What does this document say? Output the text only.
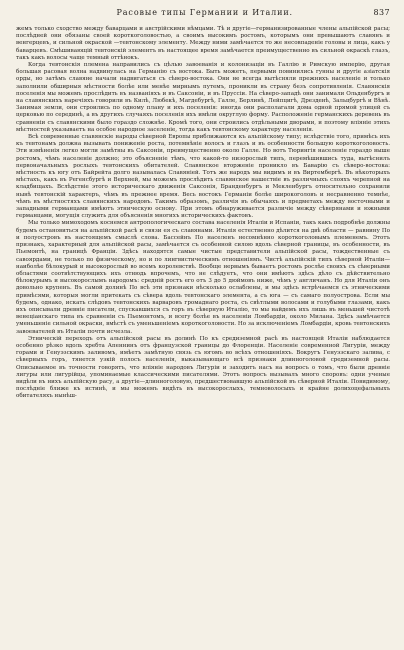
Расовые типы Германии и Италии.	837

жемъ только сходство между баварцами и австрійскими нѣмцами. Тѣ и другіе—германизированные члены альпійской расы; послѣдней они обязаны своей короткоголовостью, а своимъ высокимъ ростомъ, которымъ они превышаютъ славянъ и венгерцевъ, и сильной окраской —тевтонскому элементу. Между ними замѣчается то же несовпаденіе головы и лица, какъ у баварцевъ. Смѣшивающій тевтонскій элементъ въ настоящее время замѣчается преимущественно въ сильной окраскѣ глазъ, такъ какъ волосы чаще темный оттѣнокъ.

Когда тевтонскія племена направились съ цѣлью завоеванія и колонизаціи въ Галлію и Римскую имперію, другая большая расовая волна надвинулась на Германію съ востока. Быть можетъ, первыми повинились гунны и другіе азіатскія орды, но затѣмъ славяне начали надвигаться съ сѣверо-востока. Они не всегда вытѣсняли прежнихъ населеніе и только заполнили обширныя мѣстности болѣе или менѣе мирнымъ путемъ, проникли въ страну безъ сопротивленія. Славянскія поселенія мы можемъ прослѣдить въ названіяхъ и въ Саксоніи, и въ Пруссіи. На сѣверо-западѣ они занимали Ольденбургъ и на славянскихъ наречіяхъ говорили въ Килѣ, Любекѣ, Магдебургѣ, Галле, Берлинѣ, Лейпцигѣ, Дрезденѣ, Зальцбургѣ и Вѣнѣ. Занимая земли, они строились по одному плану и ихъ поселенія: иногда они располагали дома одной прямой улицей съ церковью по серединѣ, а въ другихъ случаяхъ поселенія ихъ имѣли округлую форму. Расположеніе германскихъ деревень въ сравненіи съ славянскими было гораздо сложнѣе. Кромѣ того, они строились отдѣльными дворами, и поэтому вліяніе этихъ мѣстностей указываетъ на особое народное заселеніе, тогда какъ тевтонскому характеру населенія.

Всѣ современные славянскіе народы сѣверной Европы приближаются къ альпійскому типу; вслѣдствіе того, примѣсь ихъ къ тевтонамъ должна вызывать пониженіе роста, потемнѣніе волосъ и глазъ и въ особенности большую короткоголовость. Эти измѣненія легко могли замѣтны въ Саксоніи, преимущественно около Галле. Но вотъ Тюрингія населеніе гораздо выше ростомъ, чѣмъ населеніе должно; это объясненіе тѣмъ, что какой-то низорослый типъ, перемѣшившись туда, вытѣснилъ первоначальныхъ рослыхъ тевтонскихъ обитателей. Славянское вторженіе проникло въ Баварію съ сѣверо-востока: мѣстность къ югу отъ Байрейта долго называлась Славяніей. Тотъ же народъ мы видимъ и въ Виртембергѣ. Въ нѣкоторыхъ мѣстахъ, какъ въ Регенсбургѣ и Верхней, мы можемъ прослѣдить славянское нашествіе въ различныхъ слояхъ черепной на кладбищахъ. Вслѣдствіе этого историческаго движенія Саксонія, Бранденбургъ и Мекленбургъ относительно сохранили нынѣ тевтонскій характеръ, чѣмъ въ прежнее время. Весь востокъ Германіи болѣе широкоголовъ и несравненно темнѣе, чѣмъ въ мѣстностяхъ славянскихъ народовъ. Такимъ образомъ, различія въ обычаяхъ и предметахъ между восточными и западными германцами имѣютъ этническую основу. При этомъ обнаруживается различіе между сѣверянами и южными германцами, могущія служить для объясненія многихъ историческихъ фактовъ.

Мы только мимоходомъ коснемся антропологическаго состава населенія Италіи и Испаніи, такъ какъ подробнѣе должны будемъ остановиться на альпійской расѣ и связи ея съ славянами. Италія естественно дѣлится на двѣ области — равнину По и полуостровъ въ настоящемъ смыслѣ слова. Бассейнъ По населенъ несомнѣнно короткоголовымъ племенемъ. Этотъ признакъ, характерный для альпійской расы, замѣчается съ особенной силою вдоль сѣверной границы, въ особенности, въ Пьемонтѣ, на границѣ Франціи. Здѣсь находятся самые чистые представители альпійской расы, тождественные съ савоярдами, не только по физическому, но и по лингвистическимъ отношеніямъ. Чистѣ альпійскій типъ сѣверной Италіи—наиболѣе бѣлокурый и высокорослый во всемъ королевствѣ. Вообще нервымъ бываетъ ростомъ рослѣе своихъ съ сѣверными областями соотвѣтствующихъ ихъ отнюдь впрочемъ, что не слѣдуетъ, что они имѣютъ здѣсь дѣло съ дѣйствительно бѣлокурымъ и высокорослымъ народомъ: средній ростъ его отъ 3 до 5 дюймовъ ниже, чѣмъ у англичанъ. Но для Италіи онъ довольно крупенъ. Въ самой долинѣ По всѣ эти признаки нѣсколько ослаблены, и мы здѣсь встрѣчаемся съ этническими примѣсями, которыя могли притекать съ сѣвера вдоль тевтонскаго элемента, а съ юга — съ самаго полуострова. Если мы будемъ, однако, искать слѣдовъ тевтонскихъ варваровъ громаднаго роста, съ свѣтлыми волосами и голубыми глазами, какъ ихъ описывали древніе писатели, спускавшихся съ горъ въ сѣверную Италію, то мы найдемъ ихъ лишь въ меньшей чистотѣ венеціанскаго типа въ сравненіи съ Пьемонтомъ, и всегу болѣе въ населеніи Ломбардіи, около Милана. Здѣсь замѣчается уменьшеніе сильной окраски, вмѣстѣ съ уменьшеніемъ короткоголовости. Но за исключеніемъ Ломбардіи, кровь тевтонскихъ завоевателей въ Италіи почти исчезла.

Этническій переходъ отъ альпійской расы въ долинѣ По къ средиземной расѣ въ настоящей Италіи наблюдается особенно рѣзко вдоль хребта Апеннинъ отъ французской границы до Флоренціи. Населеніе современной Лигуріи, между горами и Генуэзскимъ заливомъ, имѣетъ замѣтную связь съ югомъ во всѣхъ отношеніяхъ. Вокругъ Генуэзскаго залива, с сѣверныхъ горъ, тянется узкій полосъ населенія, выказывающаго всѣ признаки длинноголовой средиземной расы. Описываемое въ точности говорятъ, что вліяніе народовъ Лигуріи и заходитъ насъ на вопросъ о томъ, что были древніе лигуры или лигурійцы, упоминаемые классическими писателями. Этотъ вопросъ вызывалъ много споровъ: одни ученые видѣли въ нихъ альпійскую расу, а другіе—длинноголовую, предшествовавшую альпійской въ сѣверной Италіи. Повидимому, послѣдніе ближе къ истинѣ, и мы можемъ видѣть въ высокорослыхъ, темноволосыхъ и крайне долихоцефальныхъ обитателяхъ нынѣш-
